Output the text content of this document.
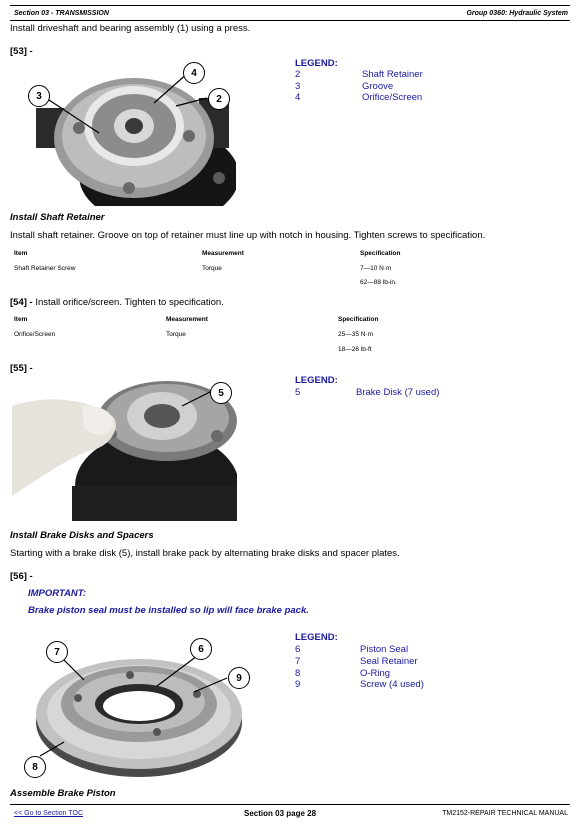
Section 03 - TRANSMISSION	Group 0360: Hydraulic System
Install driveshaft and bearing assembly (1) using a press.
[53] -
4
3	2
LEGEND:
2	Shaft Retainer
3	Groove
4	Orifice/Screen
Install Shaft Retainer
Install shaft retainer. Groove on top of retainer must line up with notch in housing. Tighten screws to specification.
Item	Measurement	Specification
Shaft Retainer Screw	Torque	7—10 N·m
62—88 lb-in.
[54] - Install orifice/screen. Tighten to specification.
Item	Measurement	Specification
Orifice/Screen	Torque	25—35 N·m
18—26 lb-ft
[55] -
5
LEGEND:
5	Brake Disk (7 used)
Install Brake Disks and Spacers
Starting with a brake disk (5), install brake pack by alternating brake disks and spacer plates.
[56] -
IMPORTANT:
Brake piston seal must be installed so lip will face brake pack.
7	6
9
8
LEGEND:
6	Piston Seal
7	Seal Retainer
8	O-Ring
9	Screw (4 used)
Assemble Brake Piston
<< Go to Section TOC	Section 03 page 28	TM2152-REPAIR TECHNICAL MANUAL
